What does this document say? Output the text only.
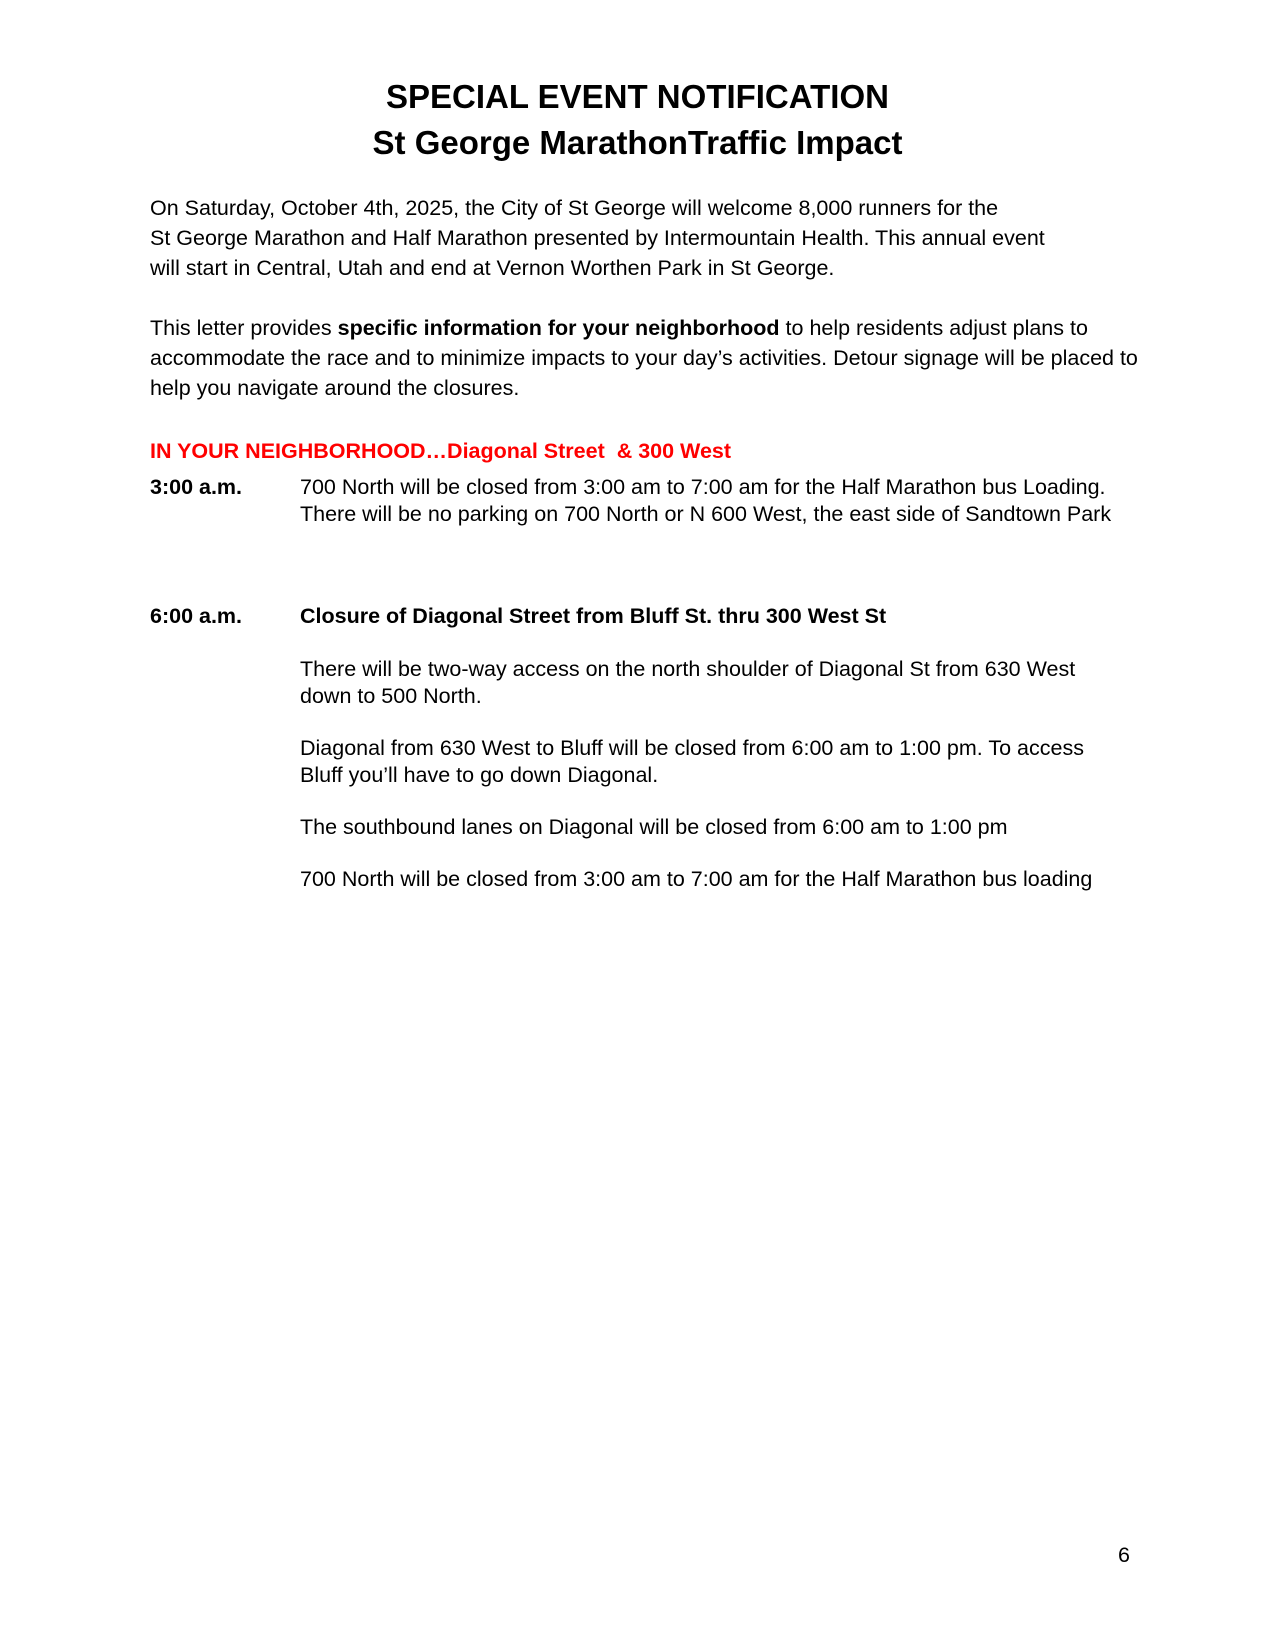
SPECIAL EVENT NOTIFICATION

St George MarathonTraffic Impact

On Saturday, October 4th, 2025, the City of St George will welcome 8,000 runners for the
St George Marathon and Half Marathon presented by Intermountain Health. This annual event
will start in Central, Utah and end at Vernon Worthen Park in St George.

This letter provides specific information for your neighborhood to help residents adjust plans to accommodate the race and to minimize impacts to your day’s activities. Detour signage will be placed to help you navigate around the closures.

IN YOUR NEIGHBORHOOD…Diagonal Street  & 300 West
3:00 a.m.	700 North will be closed from 3:00 am to 7:00 am for the Half Marathon bus Loading. There will be no parking on 700 North or N 600 West, the east side of Sandtown Park

6:00 a.m.	Closure of Diagonal Street from Bluff St. thru 300 West St

There will be two-way access on the north shoulder of Diagonal St from 630 West down to 500 North.

Diagonal from 630 West to Bluff will be closed from 6:00 am to 1:00 pm. To access Bluff you’ll have to go down Diagonal.

The southbound lanes on Diagonal will be closed from 6:00 am to 1:00 pm

700 North will be closed from 3:00 am to 7:00 am for the Half Marathon bus loading

6
